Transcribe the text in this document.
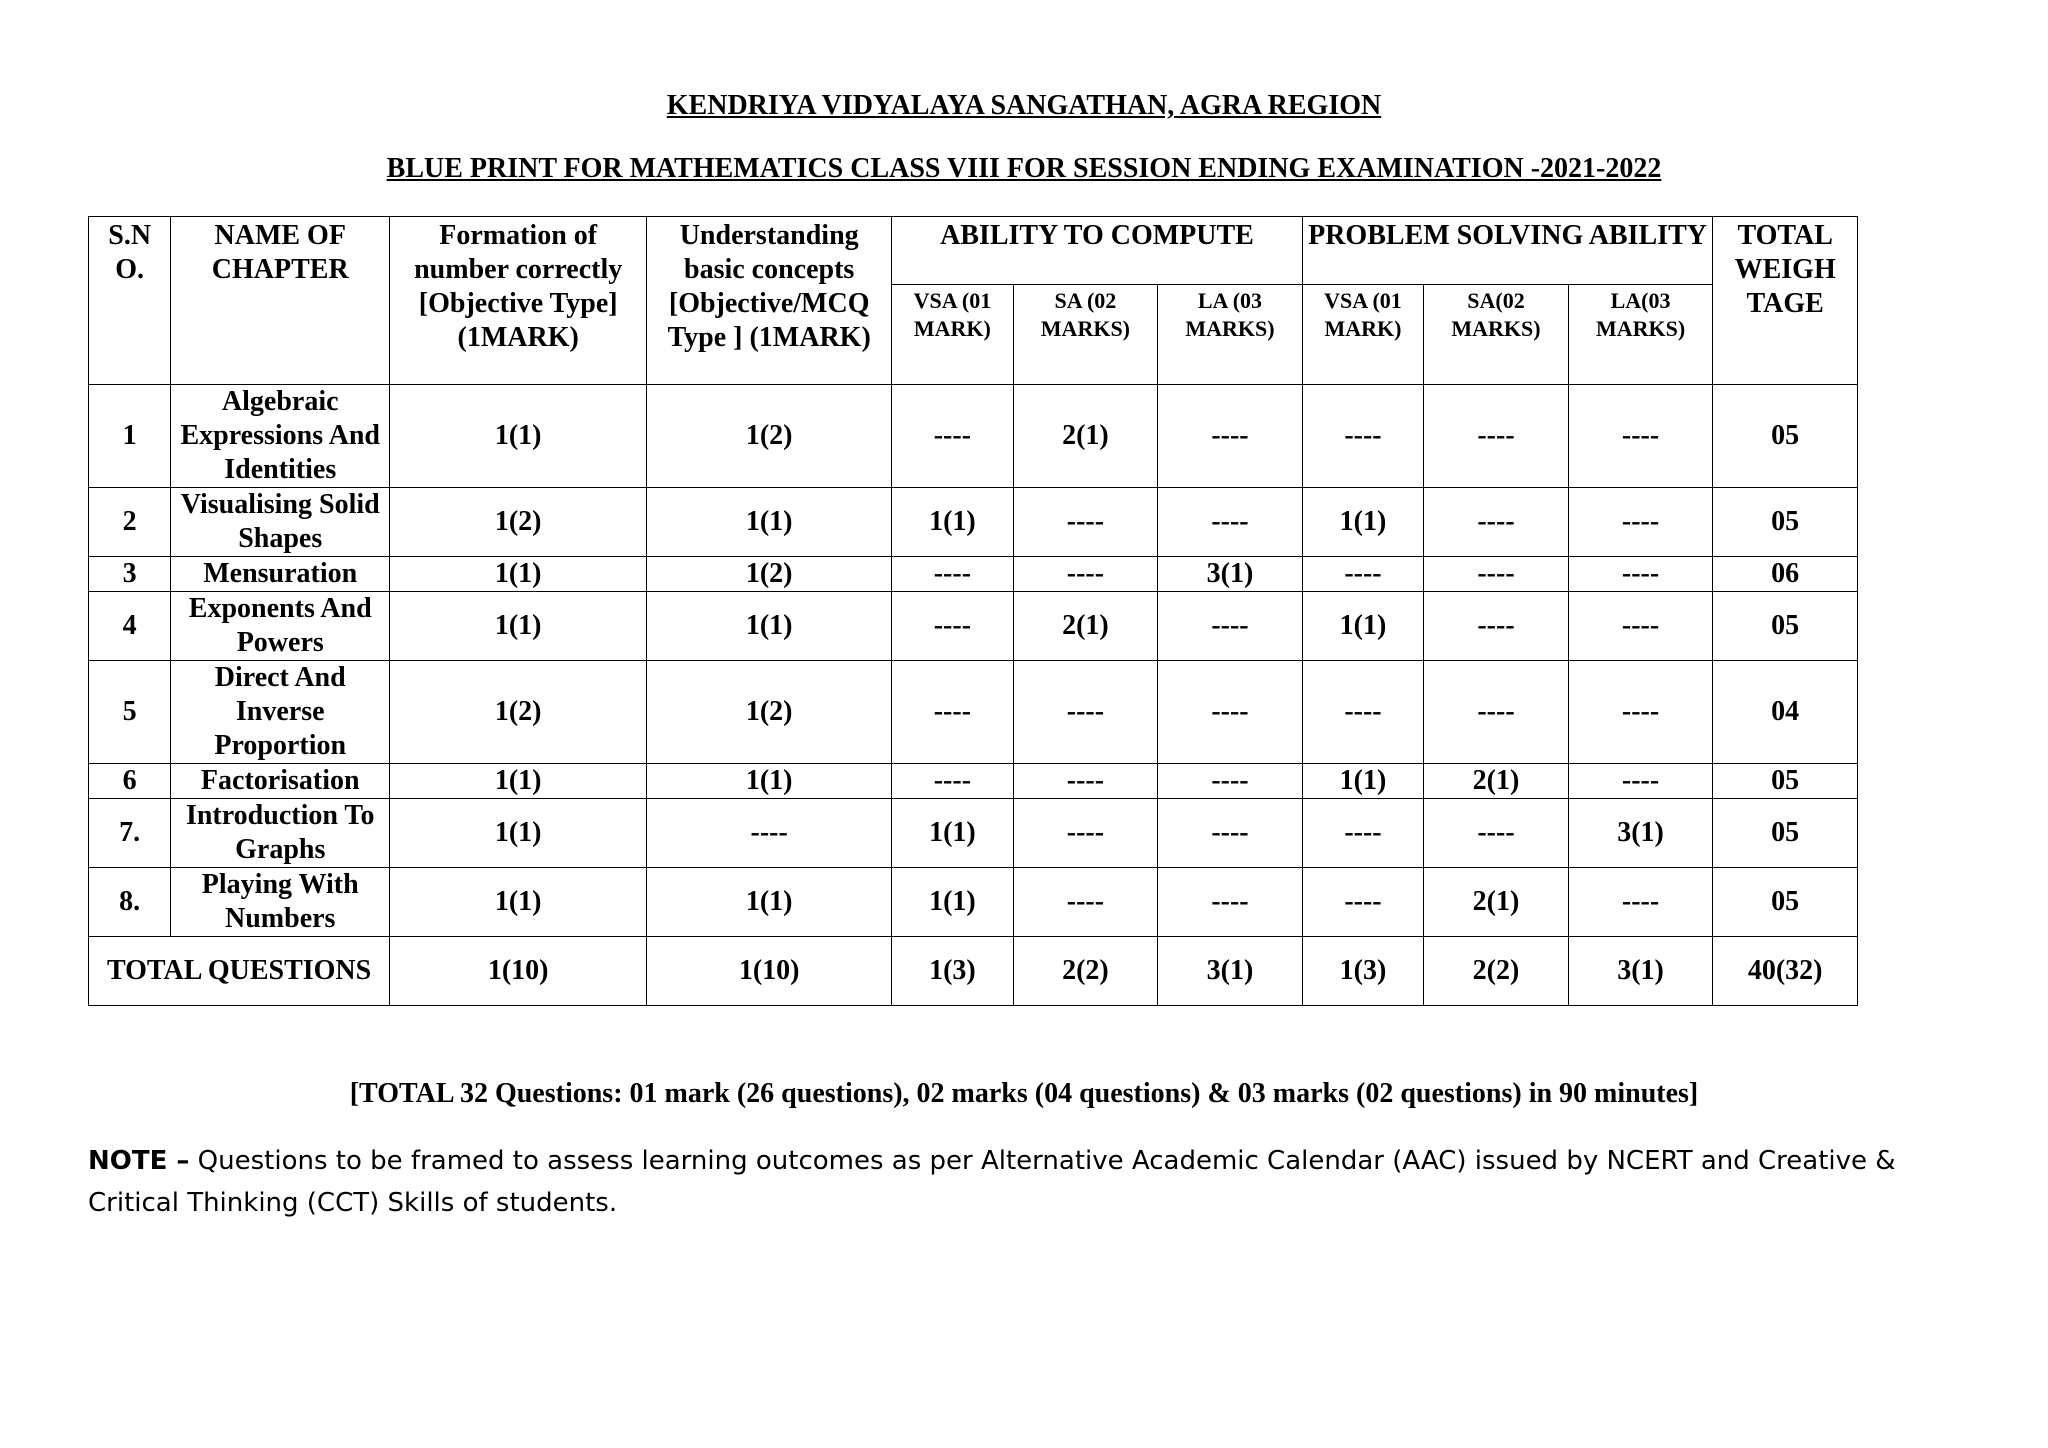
KENDRIYA VIDYALAYA SANGATHAN, AGRA REGION
BLUE PRINT FOR MATHEMATICS CLASS VIII FOR SESSION ENDING EXAMINATION -2021-2022
S.N O.	NAME OF CHAPTER	Formation of number correctly [Objective Type] (1MARK)	Understanding basic concepts [Objective/MCQ Type ] (1MARK)	ABILITY TO COMPUTE			PROBLEM SOLVING ABILITY			TOTAL WEIGH TAGE
				VSA (01 MARK)	SA (02 MARKS)	LA (03 MARKS)	VSA (01 MARK)	SA(02 MARKS)	LA(03 MARKS)	
1	Algebraic Expressions And Identities	1(1)	1(2)	----	2(1)	----	----	----	----	05
2	Visualising Solid Shapes	1(2)	1(1)	1(1)	----	----	1(1)	----	----	05
3	Mensuration	1(1)	1(2)	----	----	3(1)	----	----	----	06
4	Exponents And Powers	1(1)	1(1)	----	2(1)	----	1(1)	----	----	05
5	Direct And Inverse Proportion	1(2)	1(2)	----	----	----	----	----	----	04
6	Factorisation	1(1)	1(1)	----	----	----	1(1)	2(1)	----	05
7.	Introduction To Graphs	1(1)	----	1(1)	----	----	----	----	3(1)	05
8.	Playing With Numbers	1(1)	1(1)	1(1)	----	----	----	2(1)	----	05
TOTAL QUESTIONS		1(10)	1(10)	1(3)	2(2)	3(1)	1(3)	2(2)	3(1)	40(32)
[TOTAL 32 Questions: 01 mark (26 questions), 02 marks (04 questions) & 03 marks (02 questions) in 90 minutes]
NOTE – Questions to be framed to assess learning outcomes as per Alternative Academic Calendar (AAC) issued by NCERT and Creative & Critical Thinking (CCT) Skills of students.
